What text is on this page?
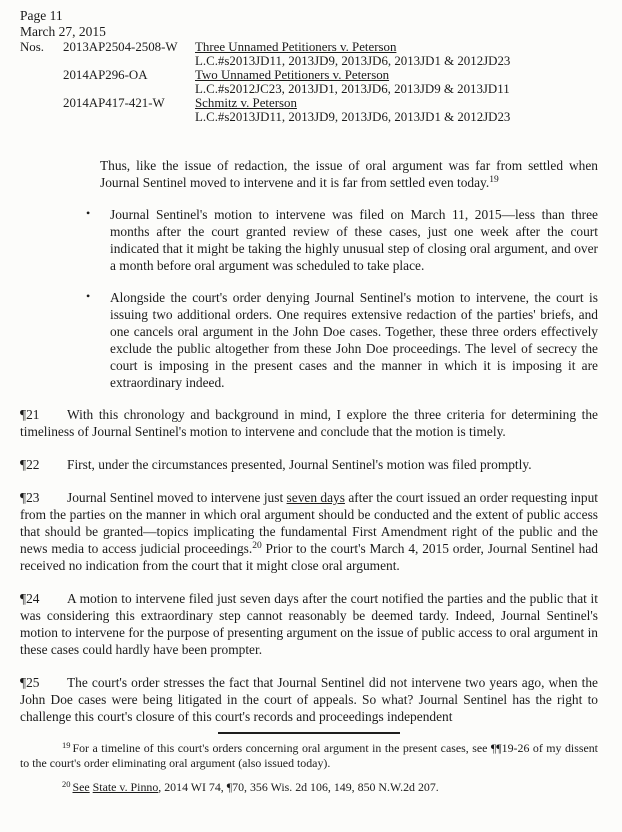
Page 11
March 27, 2015
Nos.	2013AP2504-2508-W	Three Unnamed Petitioners v. Peterson
L.C.#s2013JD11, 2013JD9, 2013JD6, 2013JD1 & 2012JD23
2014AP296-OA	Two Unnamed Petitioners v. Peterson
L.C.#s2012JC23, 2013JD1, 2013JD6, 2013JD9 & 2013JD11
2014AP417-421-W	Schmitz v. Peterson
L.C.#s2013JD11, 2013JD9, 2013JD6, 2013JD1 & 2012JD23

Thus, like the issue of redaction, the issue of oral argument was far from settled when Journal Sentinel moved to intervene and it is far from settled even today.$^{19}$

• Journal Sentinel's motion to intervene was filed on March 11, 2015—less than three months after the court granted review of these cases, just one week after the court indicated that it might be taking the highly unusual step of closing oral argument, and over a month before oral argument was scheduled to take place.

• Alongside the court's order denying Journal Sentinel's motion to intervene, the court is issuing two additional orders. One requires extensive redaction of the parties' briefs, and one cancels oral argument in the John Doe cases. Together, these three orders effectively exclude the public altogether from these John Doe proceedings. The level of secrecy the court is imposing in the present cases and the manner in which it is imposing it are extraordinary indeed.

¶21 With this chronology and background in mind, I explore the three criteria for determining the timeliness of Journal Sentinel's motion to intervene and conclude that the motion is timely.

¶22 First, under the circumstances presented, Journal Sentinel's motion was filed promptly.

¶23 Journal Sentinel moved to intervene just seven days after the court issued an order requesting input from the parties on the manner in which oral argument should be conducted and the extent of public access that should be granted—topics implicating the fundamental First Amendment right of the public and the news media to access judicial proceedings.$^{20}$ Prior to the court's March 4, 2015 order, Journal Sentinel had received no indication from the court that it might close oral argument.

¶24 A motion to intervene filed just seven days after the court notified the parties and the public that it was considering this extraordinary step cannot reasonably be deemed tardy. Indeed, Journal Sentinel's motion to intervene for the purpose of presenting argument on the issue of public access to oral argument in these cases could hardly have been prompter.

¶25 The court's order stresses the fact that Journal Sentinel did not intervene two years ago, when the John Doe cases were being litigated in the court of appeals. So what? Journal Sentinel has the right to challenge this court's closure of this court's records and proceedings independent

$^{19}$ For a timeline of this court's orders concerning oral argument in the present cases, see ¶¶19-26 of my dissent to the court's order eliminating oral argument (also issued today).

$^{20}$ See State v. Pinno, 2014 WI 74, ¶70, 356 Wis. 2d 106, 149, 850 N.W.2d 207.
